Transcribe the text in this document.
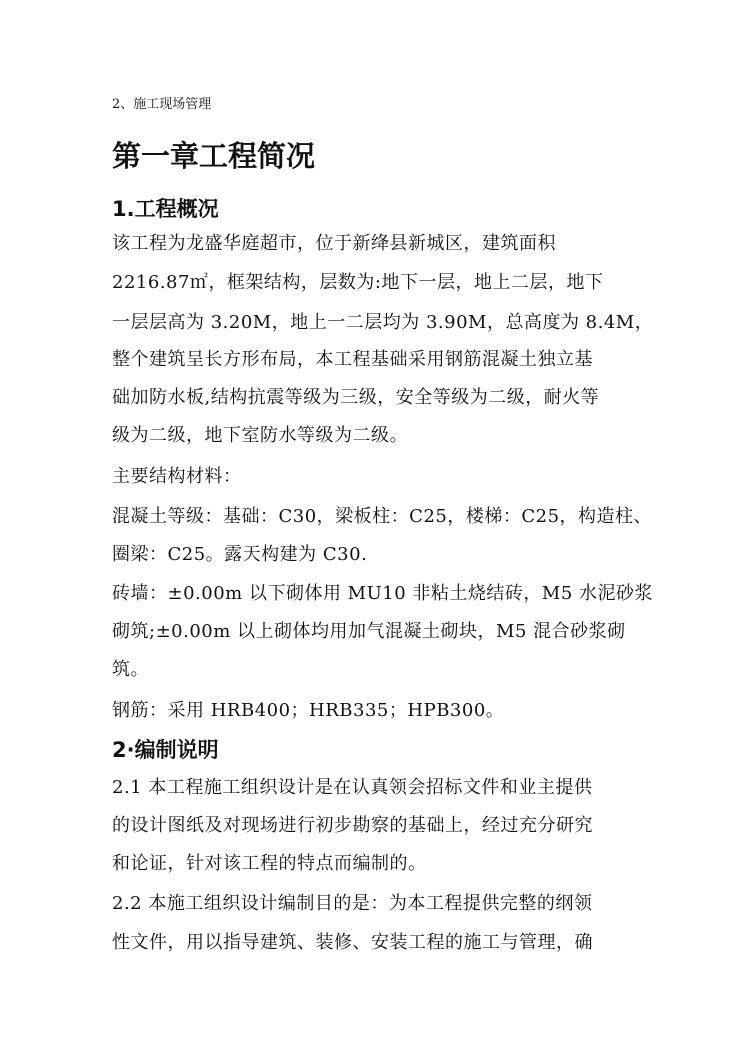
2、施工现场管理
第一章工程简况
1.工程概况
该工程为龙盛华庭超市，位于新绛县新城区，建筑面积
2216.87㎡，框架结构，层数为:地下一层，地上二层，地下
一层层高为 3.20M，地上一二层均为 3.90M，总高度为 8.4M，
整个建筑呈长方形布局，本工程基础采用钢筋混凝土独立基
础加防水板,结构抗震等级为三级，安全等级为二级，耐火等
级为二级，地下室防水等级为二级。
主要结构材料：
混凝土等级：基础：C30，梁板柱：C25，楼梯：C25，构造柱、
圈梁：C25。露天构建为 C30.
砖墙：±0.00m 以下砌体用 MU10 非粘土烧结砖，M5 水泥砂浆
砌筑;±0.00m 以上砌体均用加气混凝土砌块，M5 混合砂浆砌
筑。
钢筋：采用 HRB400；HRB335；HPB300。
2·编制说明
2.1 本工程施工组织设计是在认真领会招标文件和业主提供
的设计图纸及对现场进行初步勘察的基础上，经过充分研究
和论证，针对该工程的特点而编制的。
2.2 本施工组织设计编制目的是：为本工程提供完整的纲领
性文件，用以指导建筑、装修、安装工程的施工与管理，确
